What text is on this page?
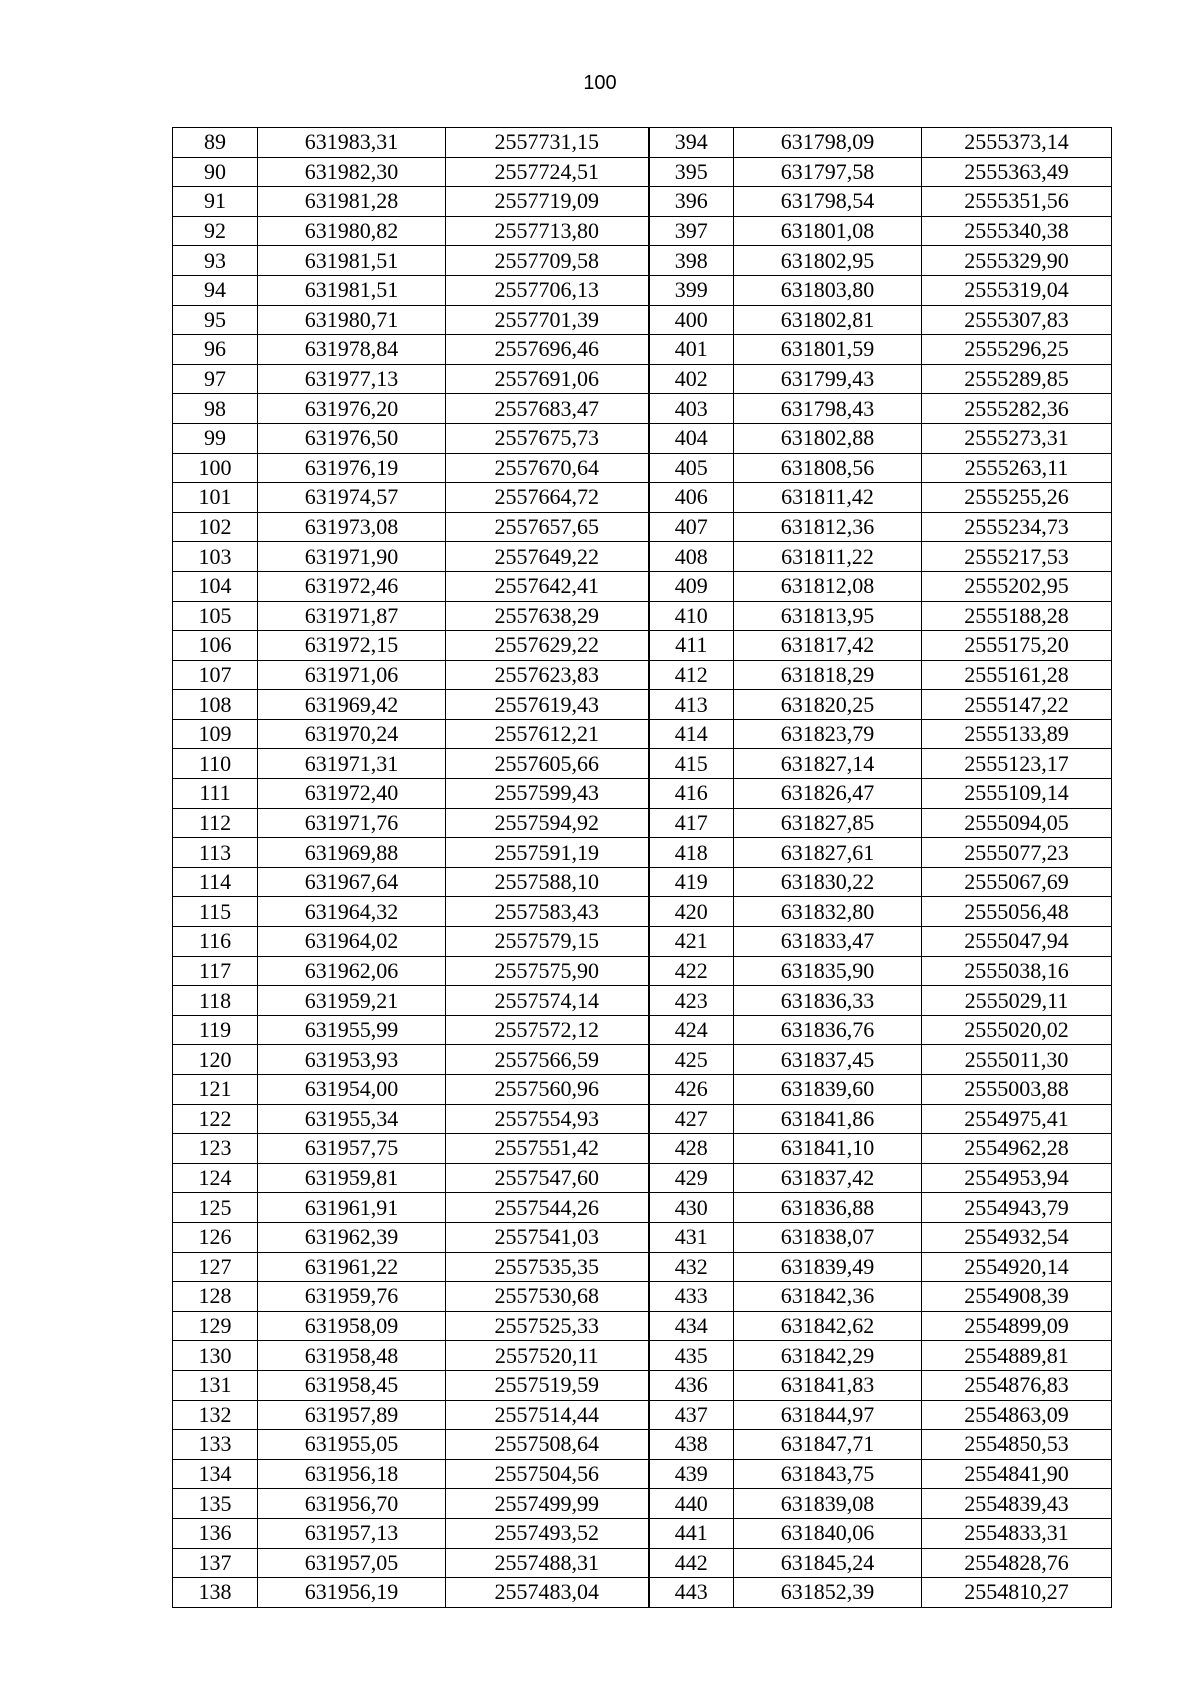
100
89	631983,31	2557731,15	394	631798,09	2555373,14
90	631982,30	2557724,51	395	631797,58	2555363,49
91	631981,28	2557719,09	396	631798,54	2555351,56
92	631980,82	2557713,80	397	631801,08	2555340,38
93	631981,51	2557709,58	398	631802,95	2555329,90
94	631981,51	2557706,13	399	631803,80	2555319,04
95	631980,71	2557701,39	400	631802,81	2555307,83
96	631978,84	2557696,46	401	631801,59	2555296,25
97	631977,13	2557691,06	402	631799,43	2555289,85
98	631976,20	2557683,47	403	631798,43	2555282,36
99	631976,50	2557675,73	404	631802,88	2555273,31
100	631976,19	2557670,64	405	631808,56	2555263,11
101	631974,57	2557664,72	406	631811,42	2555255,26
102	631973,08	2557657,65	407	631812,36	2555234,73
103	631971,90	2557649,22	408	631811,22	2555217,53
104	631972,46	2557642,41	409	631812,08	2555202,95
105	631971,87	2557638,29	410	631813,95	2555188,28
106	631972,15	2557629,22	411	631817,42	2555175,20
107	631971,06	2557623,83	412	631818,29	2555161,28
108	631969,42	2557619,43	413	631820,25	2555147,22
109	631970,24	2557612,21	414	631823,79	2555133,89
110	631971,31	2557605,66	415	631827,14	2555123,17
111	631972,40	2557599,43	416	631826,47	2555109,14
112	631971,76	2557594,92	417	631827,85	2555094,05
113	631969,88	2557591,19	418	631827,61	2555077,23
114	631967,64	2557588,10	419	631830,22	2555067,69
115	631964,32	2557583,43	420	631832,80	2555056,48
116	631964,02	2557579,15	421	631833,47	2555047,94
117	631962,06	2557575,90	422	631835,90	2555038,16
118	631959,21	2557574,14	423	631836,33	2555029,11
119	631955,99	2557572,12	424	631836,76	2555020,02
120	631953,93	2557566,59	425	631837,45	2555011,30
121	631954,00	2557560,96	426	631839,60	2555003,88
122	631955,34	2557554,93	427	631841,86	2554975,41
123	631957,75	2557551,42	428	631841,10	2554962,28
124	631959,81	2557547,60	429	631837,42	2554953,94
125	631961,91	2557544,26	430	631836,88	2554943,79
126	631962,39	2557541,03	431	631838,07	2554932,54
127	631961,22	2557535,35	432	631839,49	2554920,14
128	631959,76	2557530,68	433	631842,36	2554908,39
129	631958,09	2557525,33	434	631842,62	2554899,09
130	631958,48	2557520,11	435	631842,29	2554889,81
131	631958,45	2557519,59	436	631841,83	2554876,83
132	631957,89	2557514,44	437	631844,97	2554863,09
133	631955,05	2557508,64	438	631847,71	2554850,53
134	631956,18	2557504,56	439	631843,75	2554841,90
135	631956,70	2557499,99	440	631839,08	2554839,43
136	631957,13	2557493,52	441	631840,06	2554833,31
137	631957,05	2557488,31	442	631845,24	2554828,76
138	631956,19	2557483,04	443	631852,39	2554810,27
